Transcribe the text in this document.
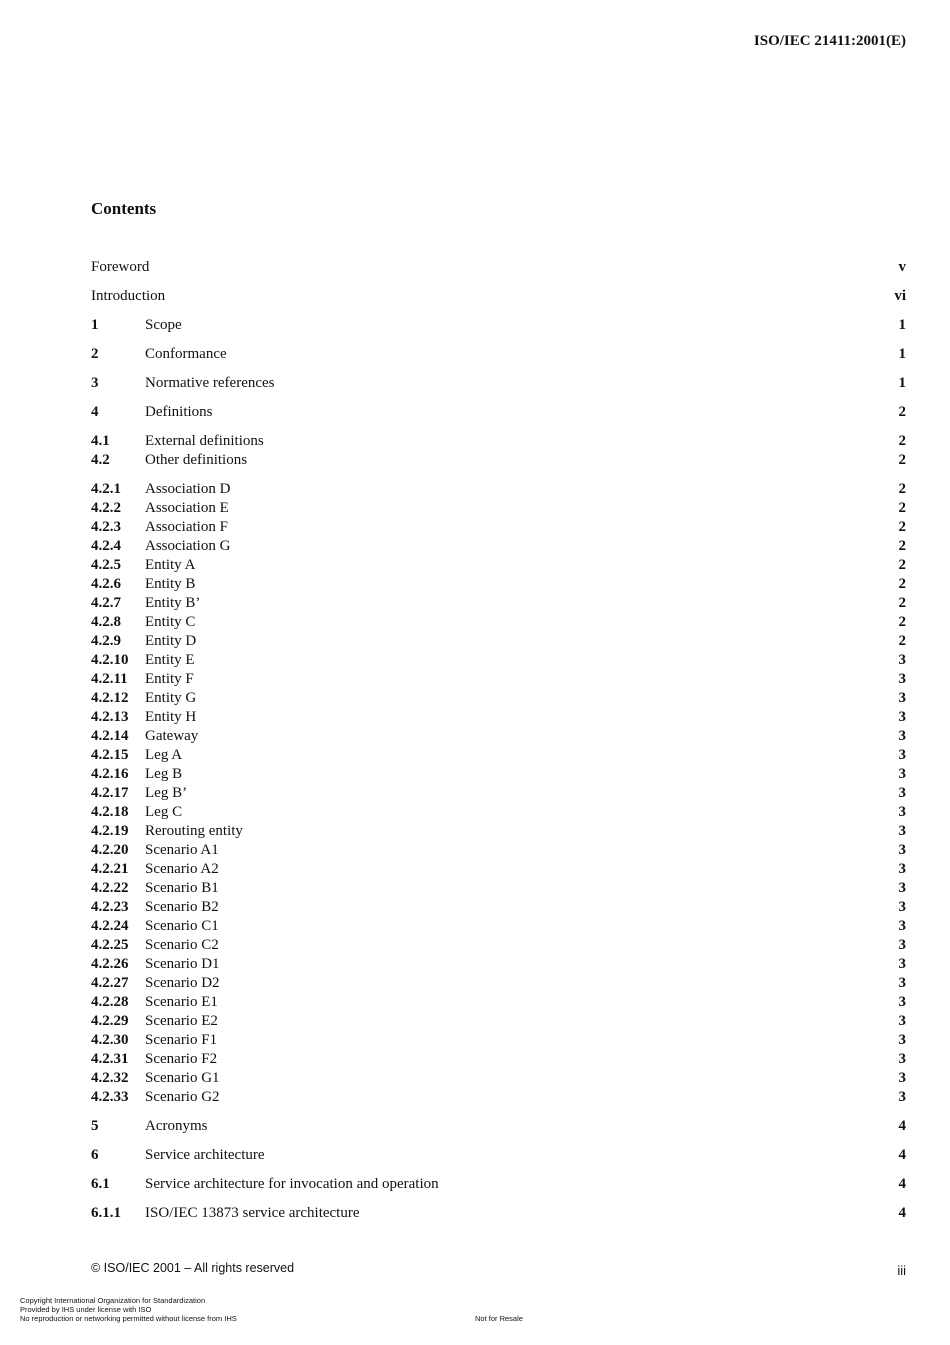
ISO/IEC 21411:2001(E)
Contents
Foreword	v
Introduction	vi
1	Scope	1
2	Conformance	1
3	Normative references	1
4	Definitions	2
4.1 External definitions	2
4.2 Other definitions	2
4.2.1 Association D	2
4.2.2 Association E	2
4.2.3 Association F	2
4.2.4 Association G	2
4.2.5 Entity A	2
4.2.6 Entity B	2
4.2.7 Entity B’	2
4.2.8 Entity C	2
4.2.9 Entity D	2
4.2.10 Entity E	3
4.2.11 Entity F	3
4.2.12 Entity G	3
4.2.13 Entity H	3
4.2.14 Gateway	3
4.2.15 Leg A	3
4.2.16 Leg B	3
4.2.17 Leg B’	3
4.2.18 Leg C	3
4.2.19 Rerouting entity	3
4.2.20 Scenario A1	3
4.2.21 Scenario A2	3
4.2.22 Scenario B1	3
4.2.23 Scenario B2	3
4.2.24 Scenario C1	3
4.2.25 Scenario C2	3
4.2.26 Scenario D1	3
4.2.27 Scenario D2	3
4.2.28 Scenario E1	3
4.2.29 Scenario E2	3
4.2.30 Scenario F1	3
4.2.31 Scenario F2	3
4.2.32 Scenario G1	3
4.2.33 Scenario G2	3
5	Acronyms	4
6	Service architecture	4
6.1 Service architecture for invocation and operation	4
6.1.1 ISO/IEC 13873 service architecture	4
© ISO/IEC 2001 – All rights reserved	iii
Copyright International Organization for Standardization
Provided by IHS under license with ISO
No reproduction or networking permitted without license from IHS	Not for Resale
